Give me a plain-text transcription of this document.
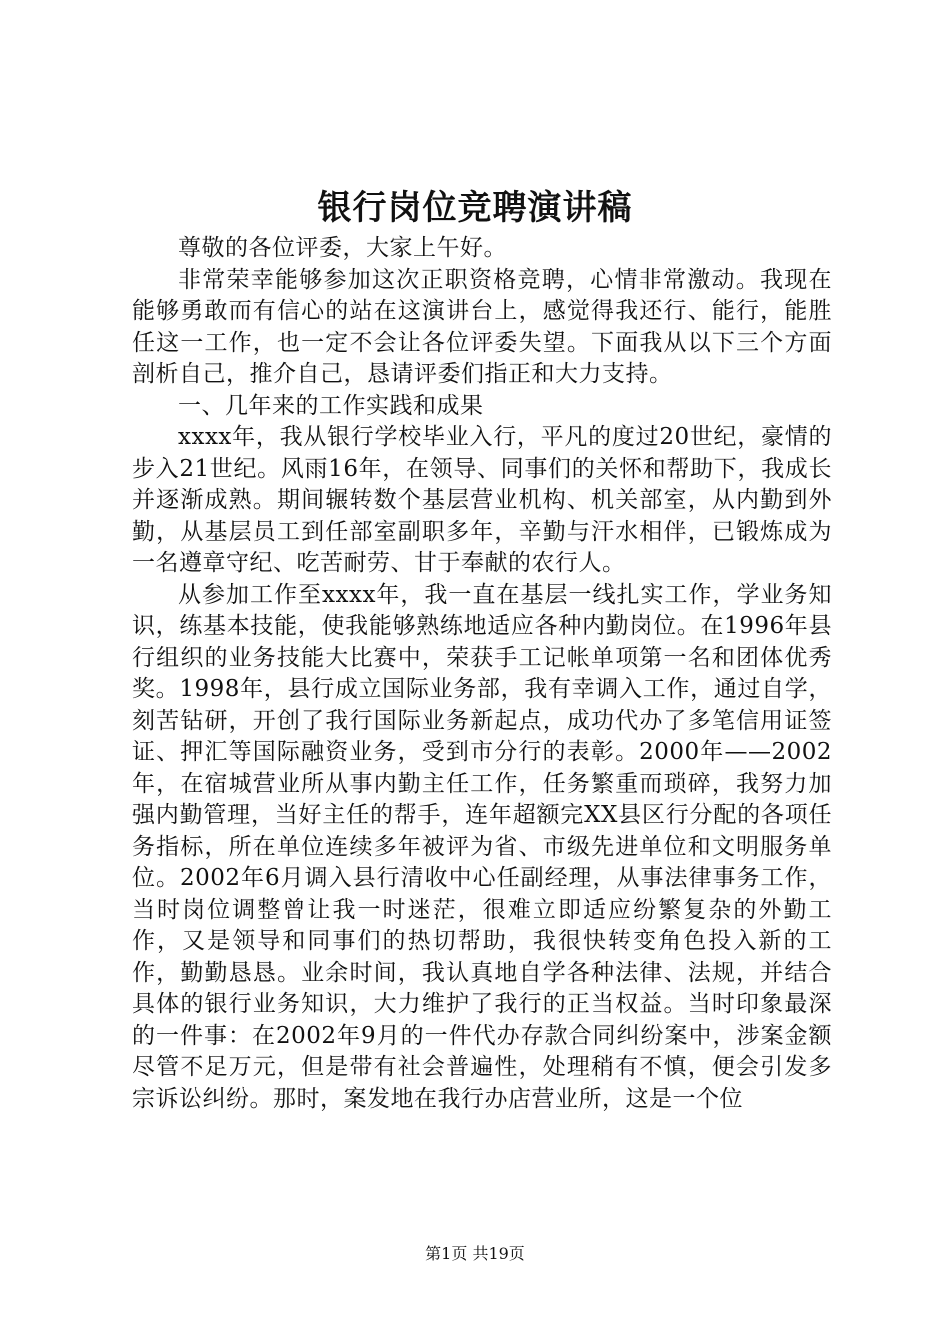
银行岗位竞聘演讲稿

尊敬的各位评委，大家上午好。

非常荣幸能够参加这次正职资格竞聘，心情非常激动。我现在能够勇敢而有信心的站在这演讲台上，感觉得我还行、能行，能胜任这一工作，也一定不会让各位评委失望。下面我从以下三个方面剖析自己，推介自己，恳请评委们指正和大力支持。

一、几年来的工作实践和成果

xxxx年，我从银行学校毕业入行，平凡的度过20世纪，豪情的步入21世纪。风雨16年，在领导、同事们的关怀和帮助下，我成长并逐渐成熟。期间辗转数个基层营业机构、机关部室，从内勤到外勤，从基层员工到任部室副职多年，辛勤与汗水相伴，已锻炼成为一名遵章守纪、吃苦耐劳、甘于奉献的农行人。

从参加工作至xxxx年，我一直在基层一线扎实工作，学业务知识，练基本技能，使我能够熟练地适应各种内勤岗位。在1996年县行组织的业务技能大比赛中，荣获手工记帐单项第一名和团体优秀奖。1998年，县行成立国际业务部，我有幸调入工作，通过自学，刻苦钻研，开创了我行国际业务新起点，成功代办了多笔信用证签证、押汇等国际融资业务，受到市分行的表彰。2000年——2002年，在宿城营业所从事内勤主任工作，任务繁重而琐碎，我努力加强内勤管理，当好主任的帮手，连年超额完XX县区行分配的各项任务指标，所在单位连续多年被评为省、市级先进单位和文明服务单位。2002年6月调入县行清收中心任副经理，从事法律事务工作，当时岗位调整曾让我一时迷茫，很难立即适应纷繁复杂的外勤工作，又是领导和同事们的热切帮助，我很快转变角色投入新的工作，勤勤恳恳。业余时间，我认真地自学各种法律、法规，并结合具体的银行业务知识，大力维护了我行的正当权益。当时印象最深的一件事：在2002年9月的一件代办存款合同纠纷案中，涉案金额尽管不足万元，但是带有社会普遍性，处理稍有不慎，便会引发多宗诉讼纠纷。那时，案发地在我行办店营业所，这是一个位

第1页 共19页
